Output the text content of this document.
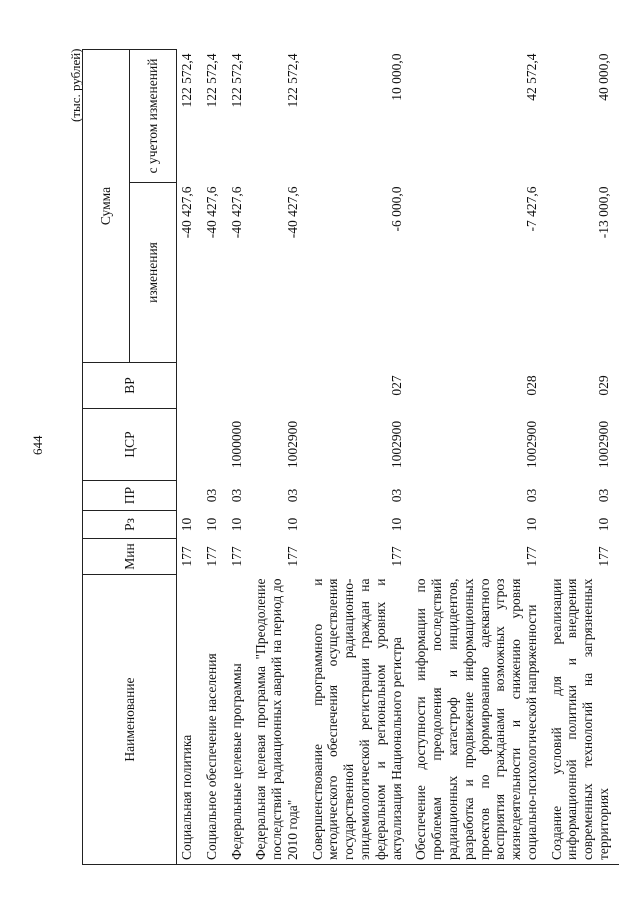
644
(тыс. рублей)
Наименование	Мин	Рз	ПР	ЦСР	ВР	Сумма	
						изменения	с учетом изменений
Социальная политика	177	10				-40 427,6	122 572,4
Социальное обеспечение населения	177	10	03			-40 427,6	122 572,4
Федеральные целевые программы	177	10	03	1000000		-40 427,6	122 572,4
Федеральная целевая программа "Преодоление последствий радиационных аварий на период до 2010 года"	177	10	03	1002900		-40 427,6	122 572,4
Совершенствование программного и методического обеспечения осуществления государственной радиационно-эпидемиологической регистрации граждан на федеральном и региональном уровнях и актуализация Национального регистра	177	10	03	1002900	027	-6 000,0	10 000,0
Обеспечение доступности информации по проблемам преодоления последствий радиационных катастроф и инцидентов, разработка и продвижение информационных проектов по формированию адекватного восприятия гражданами возможных угроз жизнедеятельности и снижению уровня социально-психологической напряженности	177	10	03	1002900	028	-7 427,6	42 572,4
Создание условий для реализации информационной политики и внедрения современных технологий на загрязненных территориях	177	10	03	1002900	029	-13 000,0	40 000,0
